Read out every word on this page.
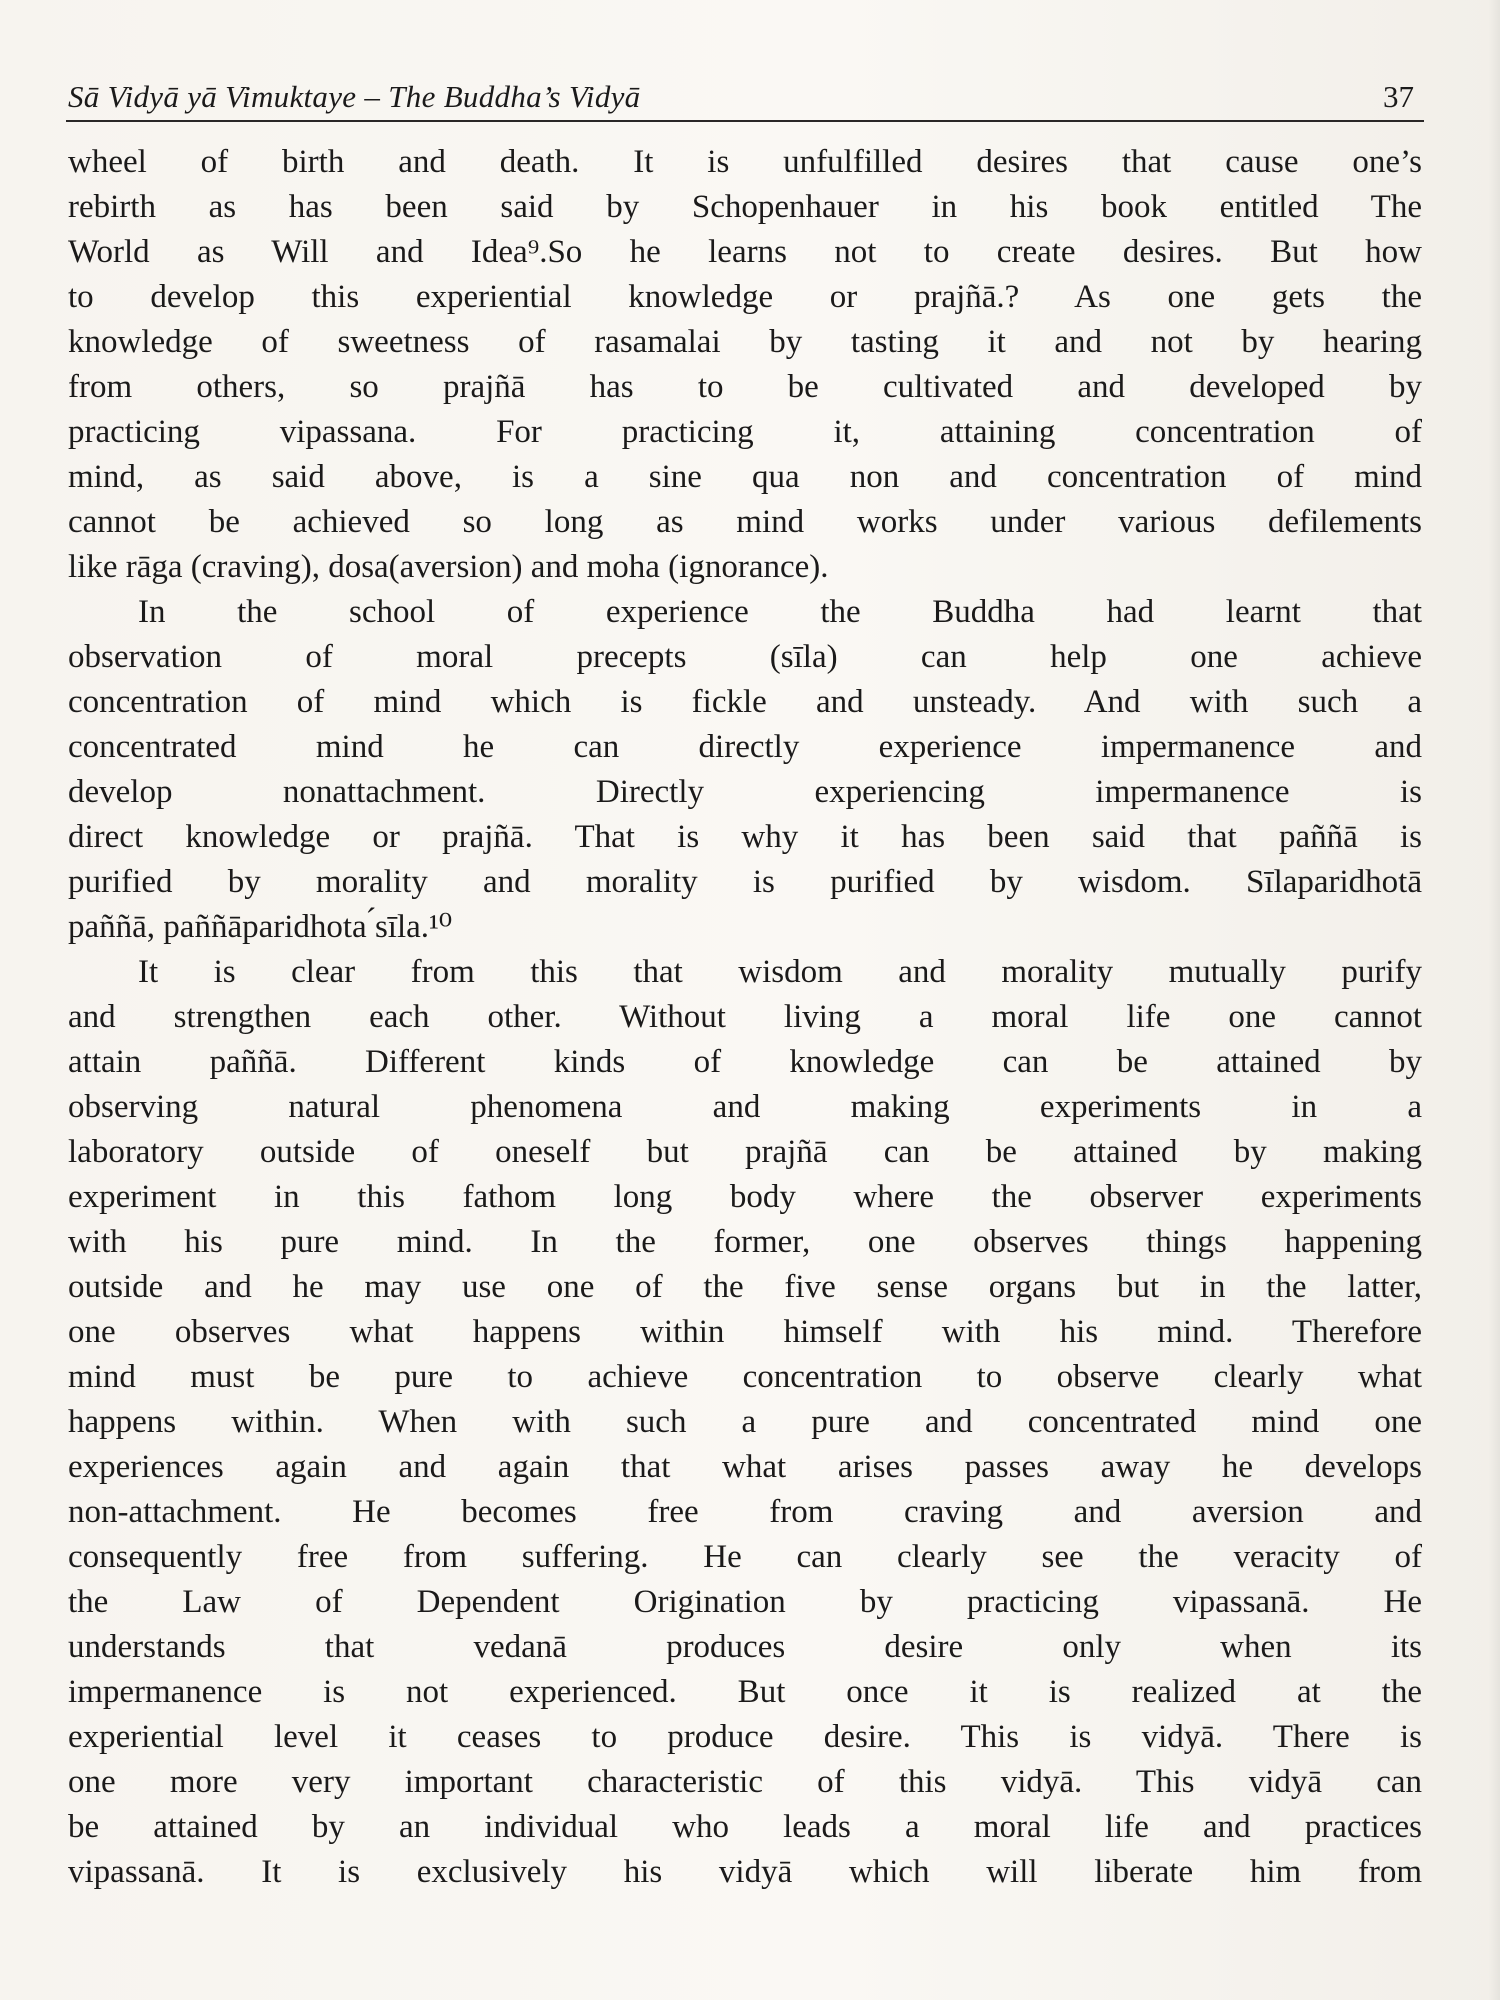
Sā Vidyā yā Vimuktaye – The Buddha’s Vidyā	37
wheel of birth and death. It is unfulfilled desires that cause one’s
rebirth as has been said by Schopenhauer in his book entitled The
World as Will and Idea⁹.So he learns not to create desires. But how
to develop this experiential knowledge or prajñā.? As one gets the
knowledge of sweetness of rasamalai by tasting it and not by hearing
from others, so prajñā has to be cultivated and developed by
practicing vipassana. For practicing it, attaining concentration of
mind, as said above, is a sine qua non and concentration of mind
cannot be achieved so long as mind works under various defilements
like rāga (craving), dosa(aversion) and moha (ignorance).
In the school of experience the Buddha had learnt that
observation of moral precepts (sīla) can help one achieve
concentration of mind which is fickle and unsteady. And with such a
concentrated mind he can directly experience impermanence and
develop nonattachment. Directly experiencing impermanence is
direct knowledge or prajñā. That is why it has been said that paññā is
purified by morality and morality is purified by wisdom. Sīlaparidhotā
paññā, paññāparidhota ́sīla.¹⁰
It is clear from this that wisdom and morality mutually purify
and strengthen each other. Without living a moral life one cannot
attain paññā. Different kinds of knowledge can be attained by
observing natural phenomena and making experiments in a
laboratory outside of oneself but prajñā can be attained by making
experiment in this fathom long body where the observer experiments
with his pure mind. In the former, one observes things happening
outside and he may use one of the five sense organs but in the latter,
one observes what happens within himself with his mind. Therefore
mind must be pure to achieve concentration to observe clearly what
happens within. When with such a pure and concentrated mind one
experiences again and again that what arises passes away he develops
non-attachment. He becomes free from craving and aversion and
consequently free from suffering. He can clearly see the veracity of
the Law of Dependent Origination by practicing vipassanā. He
understands that vedanā produces desire only when its
impermanence is not experienced. But once it is realized at the
experiential level it ceases to produce desire. This is vidyā. There is
one more very important characteristic of this vidyā. This vidyā can
be attained by an individual who leads a moral life and practices
vipassanā. It is exclusively his vidyā which will liberate him from
